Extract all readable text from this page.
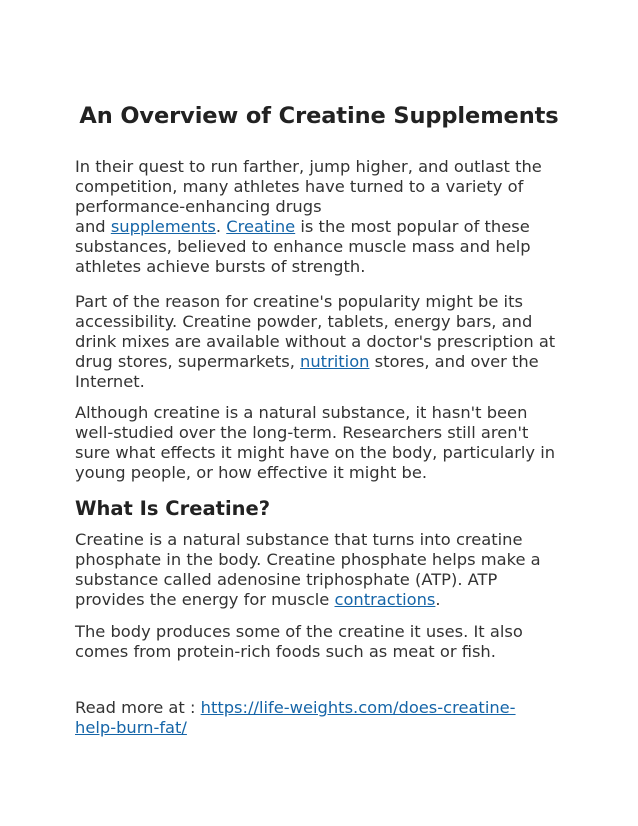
An Overview of Creatine Supplements

In their quest to run farther, jump higher, and outlast the
competition, many athletes have turned to a variety of
performance-enhancing drugs
and supplements. Creatine is the most popular of these
substances, believed to enhance muscle mass and help
athletes achieve bursts of strength.

Part of the reason for creatine's popularity might be its
accessibility. Creatine powder, tablets, energy bars, and
drink mixes are available without a doctor's prescription at
drug stores, supermarkets, nutrition stores, and over the
Internet.

Although creatine is a natural substance, it hasn't been
well-studied over the long-term. Researchers still aren't
sure what effects it might have on the body, particularly in
young people, or how effective it might be.

What Is Creatine?

Creatine is a natural substance that turns into creatine
phosphate in the body. Creatine phosphate helps make a
substance called adenosine triphosphate (ATP). ATP
provides the energy for muscle contractions.

The body produces some of the creatine it uses. It also
comes from protein-rich foods such as meat or fish.

Read more at : https://life-weights.com/does-creatine-
help-burn-fat/
